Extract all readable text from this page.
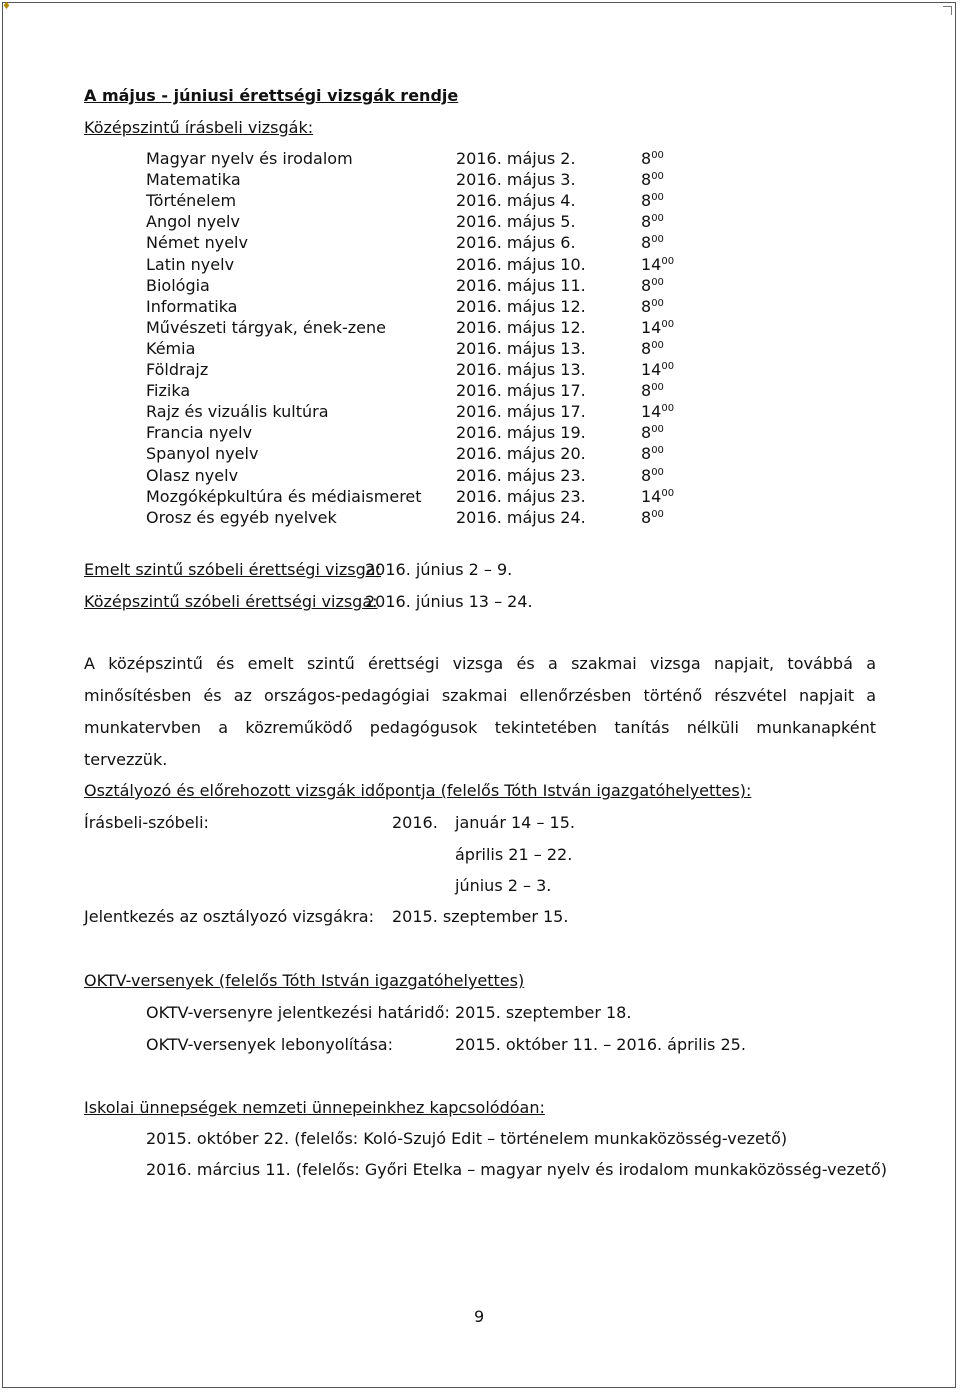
♦
A május - júniusi érettségi vizsgák rendje
Középszintű írásbeli vizsgák:
Magyar nyelv és irodalom	2016. május 2.	$8^{00}$
Matematika	2016. május 3.	$8^{00}$
Történelem	2016. május 4.	$8^{00}$
Angol nyelv	2016. május 5.	$8^{00}$
Német nyelv	2016. május 6.	$8^{00}$
Latin nyelv	2016. május 10.	$14^{00}$
Biológia	2016. május 11.	$8^{00}$
Informatika	2016. május 12.	$8^{00}$
Művészeti tárgyak, ének-zene	2016. május 12.	$14^{00}$
Kémia	2016. május 13.	$8^{00}$
Földrajz	2016. május 13.	$14^{00}$
Fizika	2016. május 17.	$8^{00}$
Rajz és vizuális kultúra	2016. május 17.	$14^{00}$
Francia nyelv	2016. május 19.	$8^{00}$
Spanyol nyelv	2016. május 20.	$8^{00}$
Olasz nyelv	2016. május 23.	$8^{00}$
Mozgóképkultúra és médiaismeret 2016. május 23.	$14^{00}$
Orosz és egyéb nyelvek	2016. május 24.	$8^{00}$
Emelt szintű szóbeli érettségi vizsga:
2016. június 2 – 9.
Középszintű szóbeli érettségi vizsga:
2016. június 13 – 24.
A középszintű és emelt szintű érettségi vizsga és a szakmai vizsga napjait, továbbá a minősítésben és az országos-pedagógiai szakmai ellenőrzésben történő részvétel napjait a munkatervben a közreműködő pedagógusok tekintetében tanítás nélküli munkanapként tervezzük.
Osztályozó és előrehozott vizsgák időpontja (felelős Tóth István igazgatóhelyettes):
Írásbeli-szóbeli:	2016. január 14 – 15.
április 21 – 22.
június 2 – 3.
Jelentkezés az osztályozó vizsgákra: 2015. szeptember 15.
OKTV-versenyek (felelős Tóth István igazgatóhelyettes)
OKTV-versenyre jelentkezési határidő: 2015. szeptember 18.
OKTV-versenyek lebonyolítása:	2015. október 11. – 2016. április 25.
Iskolai ünnepségek nemzeti ünnepeinkhez kapcsolódóan:
2015. október 22. (felelős: Koló-Szujó Edit – történelem munkaközösség-vezető)
2016. március 11. (felelős: Győri Etelka – magyar nyelv és irodalom munkaközösség-vezető)
9
